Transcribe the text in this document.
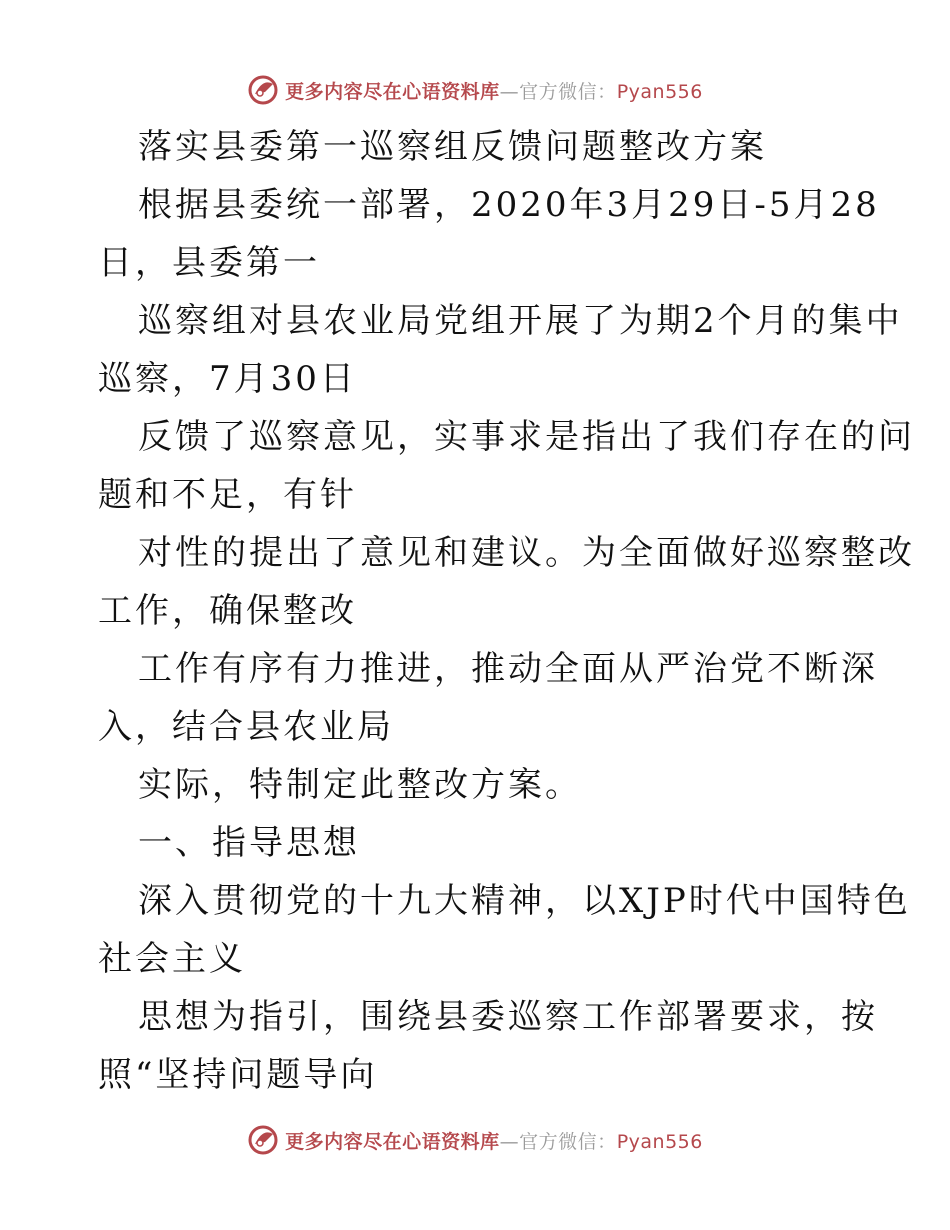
更多内容尽在心语资料库—官方微信：Pyan556
落实县委第一巡察组反馈问题整改方案
根据县委统一部署，2020年3月29日-5月28
日，县委第一
巡察组对县农业局党组开展了为期2个月的集中
巡察，7月30日
反馈了巡察意见，实事求是指出了我们存在的问
题和不足，有针
对性的提出了意见和建议。为全面做好巡察整改
工作，确保整改
工作有序有力推进，推动全面从严治党不断深
入，结合县农业局
实际，特制定此整改方案。
一、指导思想
深入贯彻党的十九大精神，以XJP时代中国特色
社会主义
思想为指引，围绕县委巡察工作部署要求，按
照“坚持问题导向
更多内容尽在心语资料库—官方微信：Pyan556
